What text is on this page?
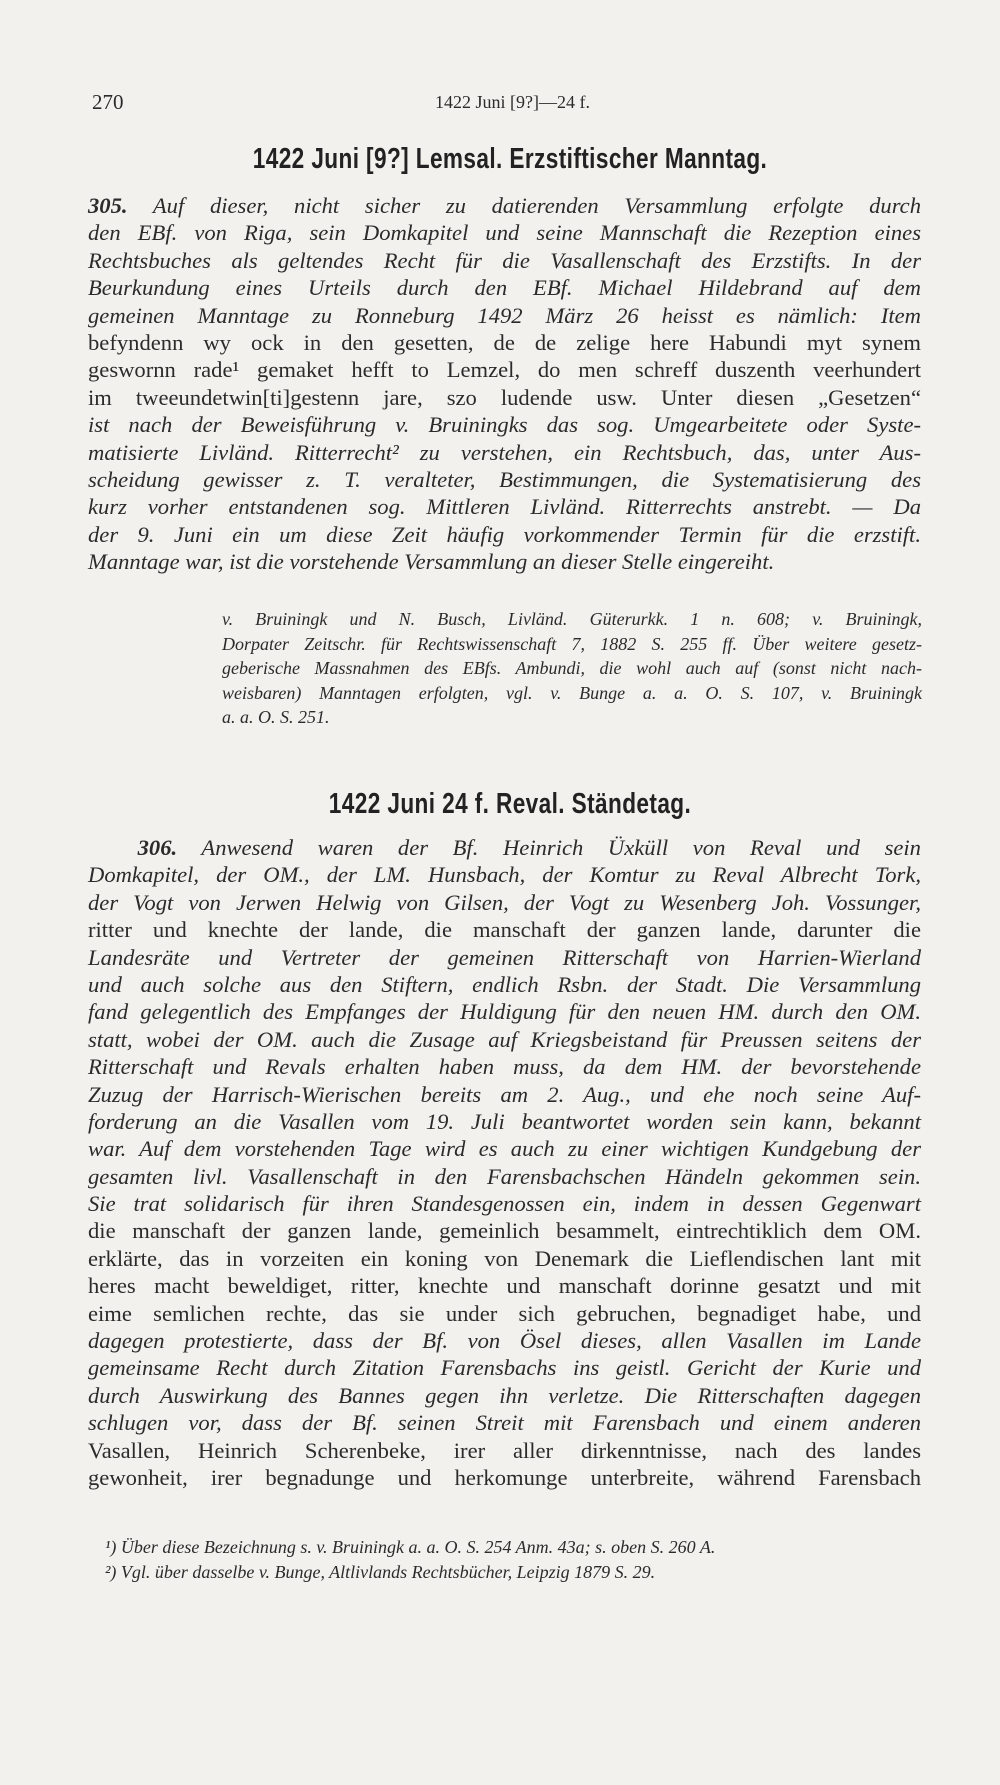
270	1422 Juni [9?]—24 f.
1422 Juni [9?] Lemsal. Erzstiftischer Manntag.
305. Auf dieser, nicht sicher zu datierenden Versammlung erfolgte durch
den EBf. von Riga, sein Domkapitel und seine Mannschaft die Rezeption eines
Rechtsbuches als geltendes Recht für die Vasallenschaft des Erzstifts. In der
Beurkundung eines Urteils durch den EBf. Michael Hildebrand auf dem
gemeinen Manntage zu Ronneburg 1492 März 26 heisst es nämlich: Item
befyndenn wy ock in den gesetten, de de zelige here Habundi myt synem
geswornn rade¹ gemaket hefft to Lemzel, do men schreff duszenth veerhundert
im tweeundetwin[ti]gestenn jare, szo ludende usw. Unter diesen „Gesetzen“
ist nach der Beweisführung v. Bruiningks das sog. Umgearbeitete oder Syste-
matisierte Livländ. Ritterrecht² zu verstehen, ein Rechtsbuch, das, unter Aus-
scheidung gewisser z. T. veralteter, Bestimmungen, die Systematisierung des
kurz vorher entstandenen sog. Mittleren Livländ. Ritterrechts anstrebt. — Da
der 9. Juni ein um diese Zeit häufig vorkommender Termin für die erzstift.
Manntage war, ist die vorstehende Versammlung an dieser Stelle eingereiht.
v. Bruiningk und N. Busch, Livländ. Güterurkk. 1 n. 608; v. Bruiningk,
Dorpater Zeitschr. für Rechtswissenschaft 7, 1882 S. 255 ff. Über weitere gesetz-
geberische Massnahmen des EBfs. Ambundi, die wohl auch auf (sonst nicht nach-
weisbaren) Manntagen erfolgten, vgl. v. Bunge a. a. O. S. 107, v. Bruiningk
a. a. O. S. 251.
1422 Juni 24 f. Reval. Ständetag.
306. Anwesend waren der Bf. Heinrich Üxküll von Reval und sein
Domkapitel, der OM., der LM. Hunsbach, der Komtur zu Reval Albrecht Tork,
der Vogt von Jerwen Helwig von Gilsen, der Vogt zu Wesenberg Joh. Vossunger,
ritter und knechte der lande, die manschaft der ganzen lande, darunter die
Landesräte und Vertreter der gemeinen Ritterschaft von Harrien-Wierland
und auch solche aus den Stiftern, endlich Rsbn. der Stadt. Die Versammlung
fand gelegentlich des Empfanges der Huldigung für den neuen HM. durch den OM.
statt, wobei der OM. auch die Zusage auf Kriegsbeistand für Preussen seitens der
Ritterschaft und Revals erhalten haben muss, da dem HM. der bevorstehende
Zuzug der Harrisch-Wierischen bereits am 2. Aug., und ehe noch seine Auf-
forderung an die Vasallen vom 19. Juli beantwortet worden sein kann, bekannt
war. Auf dem vorstehenden Tage wird es auch zu einer wichtigen Kundgebung der
gesamten livl. Vasallenschaft in den Farensbachschen Händeln gekommen sein.
Sie trat solidarisch für ihren Standesgenossen ein, indem in dessen Gegenwart
die manschaft der ganzen lande, gemeinlich besammelt, eintrechtiklich dem OM.
erklärte, das in vorzeiten ein koning von Denemark die Lieflendischen lant mit
heres macht beweldiget, ritter, knechte und manschaft dorinne gesatzt und mit
eime semlichen rechte, das sie under sich gebruchen, begnadiget habe, und
dagegen protestierte, dass der Bf. von Ösel dieses, allen Vasallen im Lande
gemeinsame Recht durch Zitation Farensbachs ins geistl. Gericht der Kurie und
durch Auswirkung des Bannes gegen ihn verletze. Die Ritterschaften dagegen
schlugen vor, dass der Bf. seinen Streit mit Farensbach und einem anderen
Vasallen, Heinrich Scherenbeke, irer aller dirkenntnisse, nach des landes
gewonheit, irer begnadunge und herkomunge unterbreite, während Farensbach
¹) Über diese Bezeichnung s. v. Bruiningk a. a. O. S. 254 Anm. 43a; s. oben S. 260 A.
²) Vgl. über dasselbe v. Bunge, Altlivlands Rechtsbücher, Leipzig 1879 S. 29.
